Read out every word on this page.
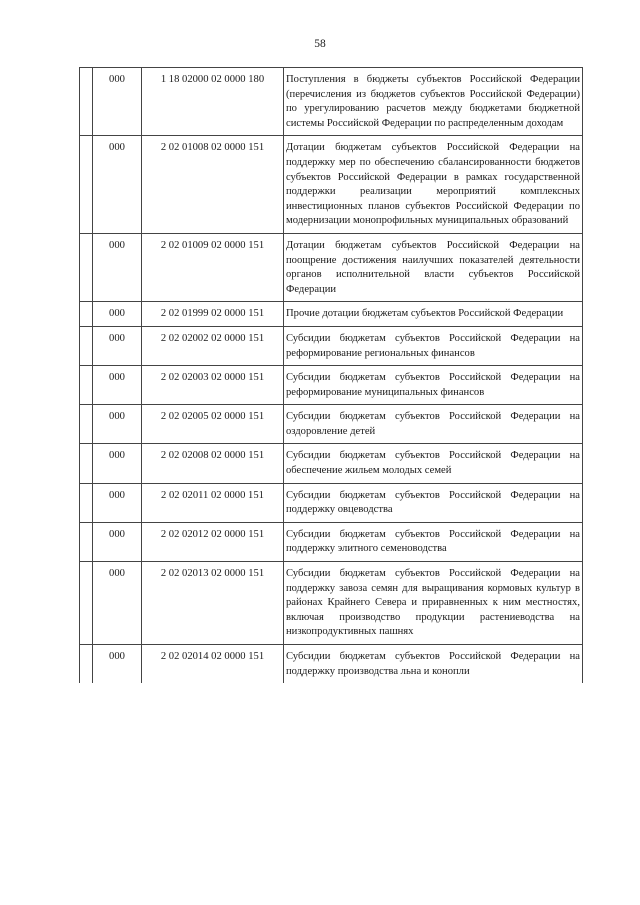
58
	000	1 18 02000 02 0000 180	Поступления в бюджеты субъектов Российской Федерации (перечисления из бюджетов субъектов Российской Федерации) по урегулированию расчетов между бюджетами бюджетной системы Российской Федерации по распределенным доходам
	000	2 02 01008 02 0000 151	Дотации бюджетам субъектов Российской Федерации на поддержку мер по обеспечению сбалансированности бюджетов субъектов Российской Федерации в рамках государственной поддержки реализации мероприятий комплексных инвестиционных планов субъектов Российской Федерации по модернизации монопрофильных муниципальных образований
	000	2 02 01009 02 0000 151	Дотации бюджетам субъектов Российской Федерации на поощрение достижения наилучших показателей деятельности органов исполнительной власти субъектов Российской Федерации
	000	2 02 01999 02 0000 151	Прочие дотации бюджетам субъектов Российской Федерации
	000	2 02 02002 02 0000 151	Субсидии бюджетам субъектов Российской Федерации на реформирование региональных финансов
	000	2 02 02003 02 0000 151	Субсидии бюджетам субъектов Российской Федерации на реформирование муниципальных финансов
	000	2 02 02005 02 0000 151	Субсидии бюджетам субъектов Российской Федерации на оздоровление детей
	000	2 02 02008 02 0000 151	Субсидии бюджетам субъектов Российской Федерации на обеспечение жильем молодых семей
	000	2 02 02011 02 0000 151	Субсидии бюджетам субъектов Российской Федерации на поддержку овцеводства
	000	2 02 02012 02 0000 151	Субсидии бюджетам субъектов Российской Федерации на поддержку элитного семеноводства
	000	2 02 02013 02 0000 151	Субсидии бюджетам субъектов Российской Федерации на поддержку завоза семян для выращивания кормовых культур в районах Крайнего Севера и приравненных к ним местностях, включая производство продукции растениеводства на низкопродуктивных пашнях
	000	2 02 02014 02 0000 151	Субсидии бюджетам субъектов Российской Федерации на поддержку производства льна и конопли
